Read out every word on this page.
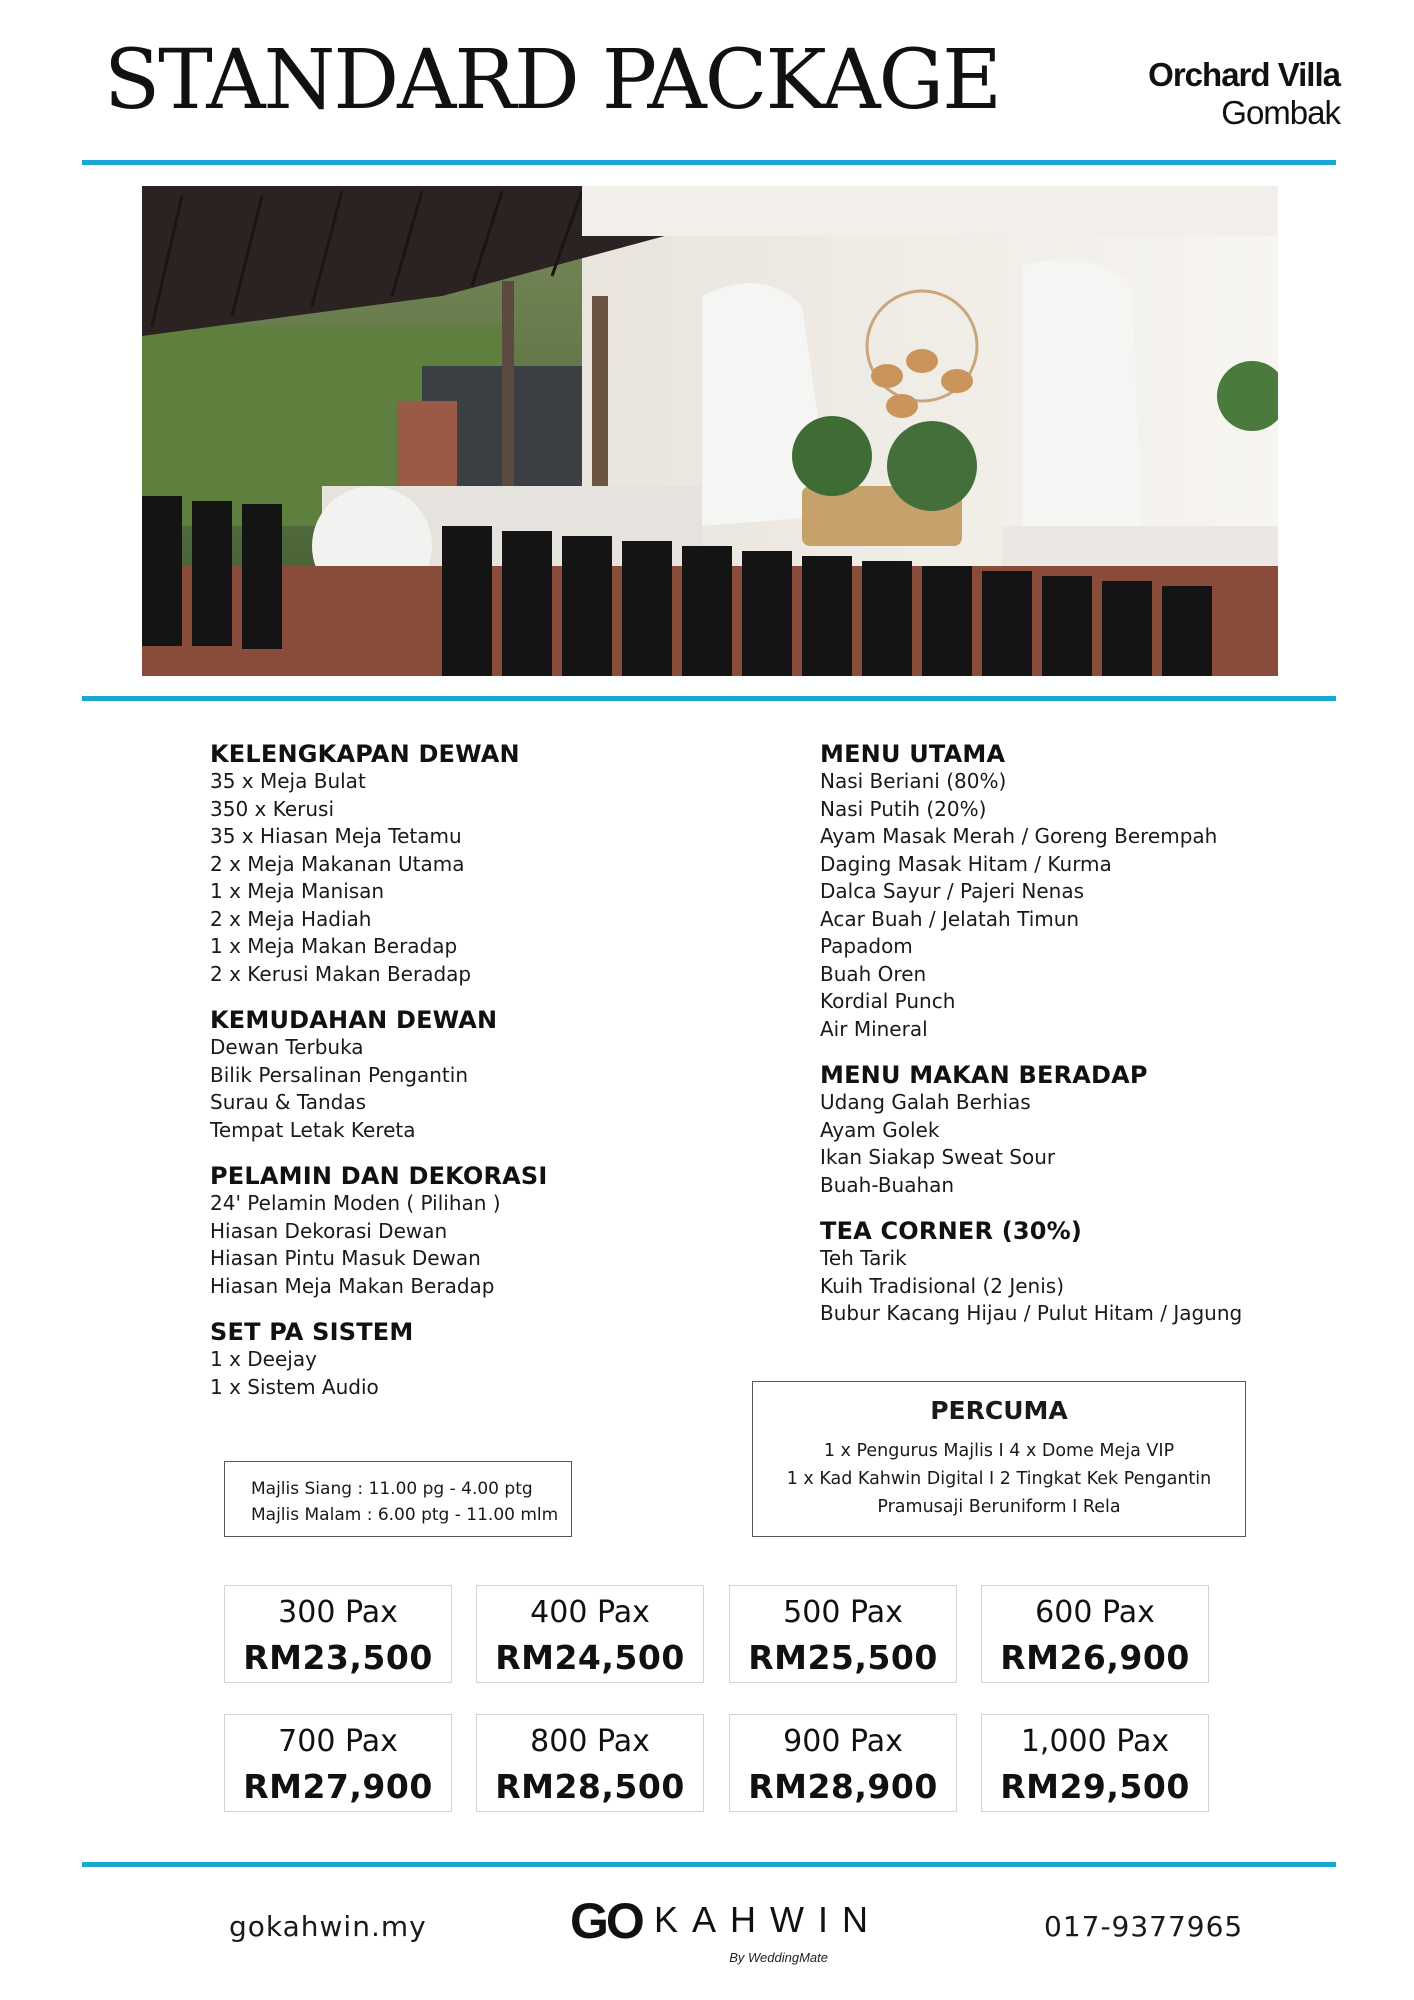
STANDARD PACKAGE	Orchard Villa
Gombak
KELENGKAPAN DEWAN
35 x Meja Bulat
350 x Kerusi
35 x Hiasan Meja Tetamu
2 x Meja Makanan Utama
1 x Meja Manisan
2 x Meja Hadiah
1 x Meja Makan Beradap
2 x Kerusi Makan Beradap
KEMUDAHAN DEWAN
Dewan Terbuka
Bilik Persalinan Pengantin
Surau & Tandas
Tempat Letak Kereta
PELAMIN DAN DEKORASI
24' Pelamin Moden ( Pilihan )
Hiasan Dekorasi Dewan
Hiasan Pintu Masuk Dewan
Hiasan Meja Makan Beradap
SET PA SISTEM
1 x Deejay
1 x Sistem Audio
MENU UTAMA
Nasi Beriani (80%)
Nasi Putih (20%)
Ayam Masak Merah / Goreng Berempah
Daging Masak Hitam / Kurma
Dalca Sayur / Pajeri Nenas
Acar Buah / Jelatah Timun
Papadom
Buah Oren
Kordial Punch
Air Mineral
MENU MAKAN BERADAP
Udang Galah Berhias
Ayam Golek
Ikan Siakap Sweat Sour
Buah-Buahan
TEA CORNER (30%)
Teh Tarik
Kuih Tradisional (2 Jenis)
Bubur Kacang Hijau / Pulut Hitam / Jagung
Majlis Siang : 11.00 pg - 4.00 ptg
Majlis Malam : 6.00 ptg - 11.00 mlm
PERCUMA
1 x Pengurus Majlis I 4 x Dome Meja VIP
1 x Kad Kahwin Digital I 2 Tingkat Kek Pengantin
Pramusaji Beruniform I Rela
300 Pax
RM23,500
400 Pax
RM24,500
500 Pax
RM25,500
600 Pax
RM26,900
700 Pax
RM27,900
800 Pax
RM28,500
900 Pax
RM28,900
1,000 Pax
RM29,500
gokahwin.my	GO KAHWIN
By WeddingMate
017-9377965
